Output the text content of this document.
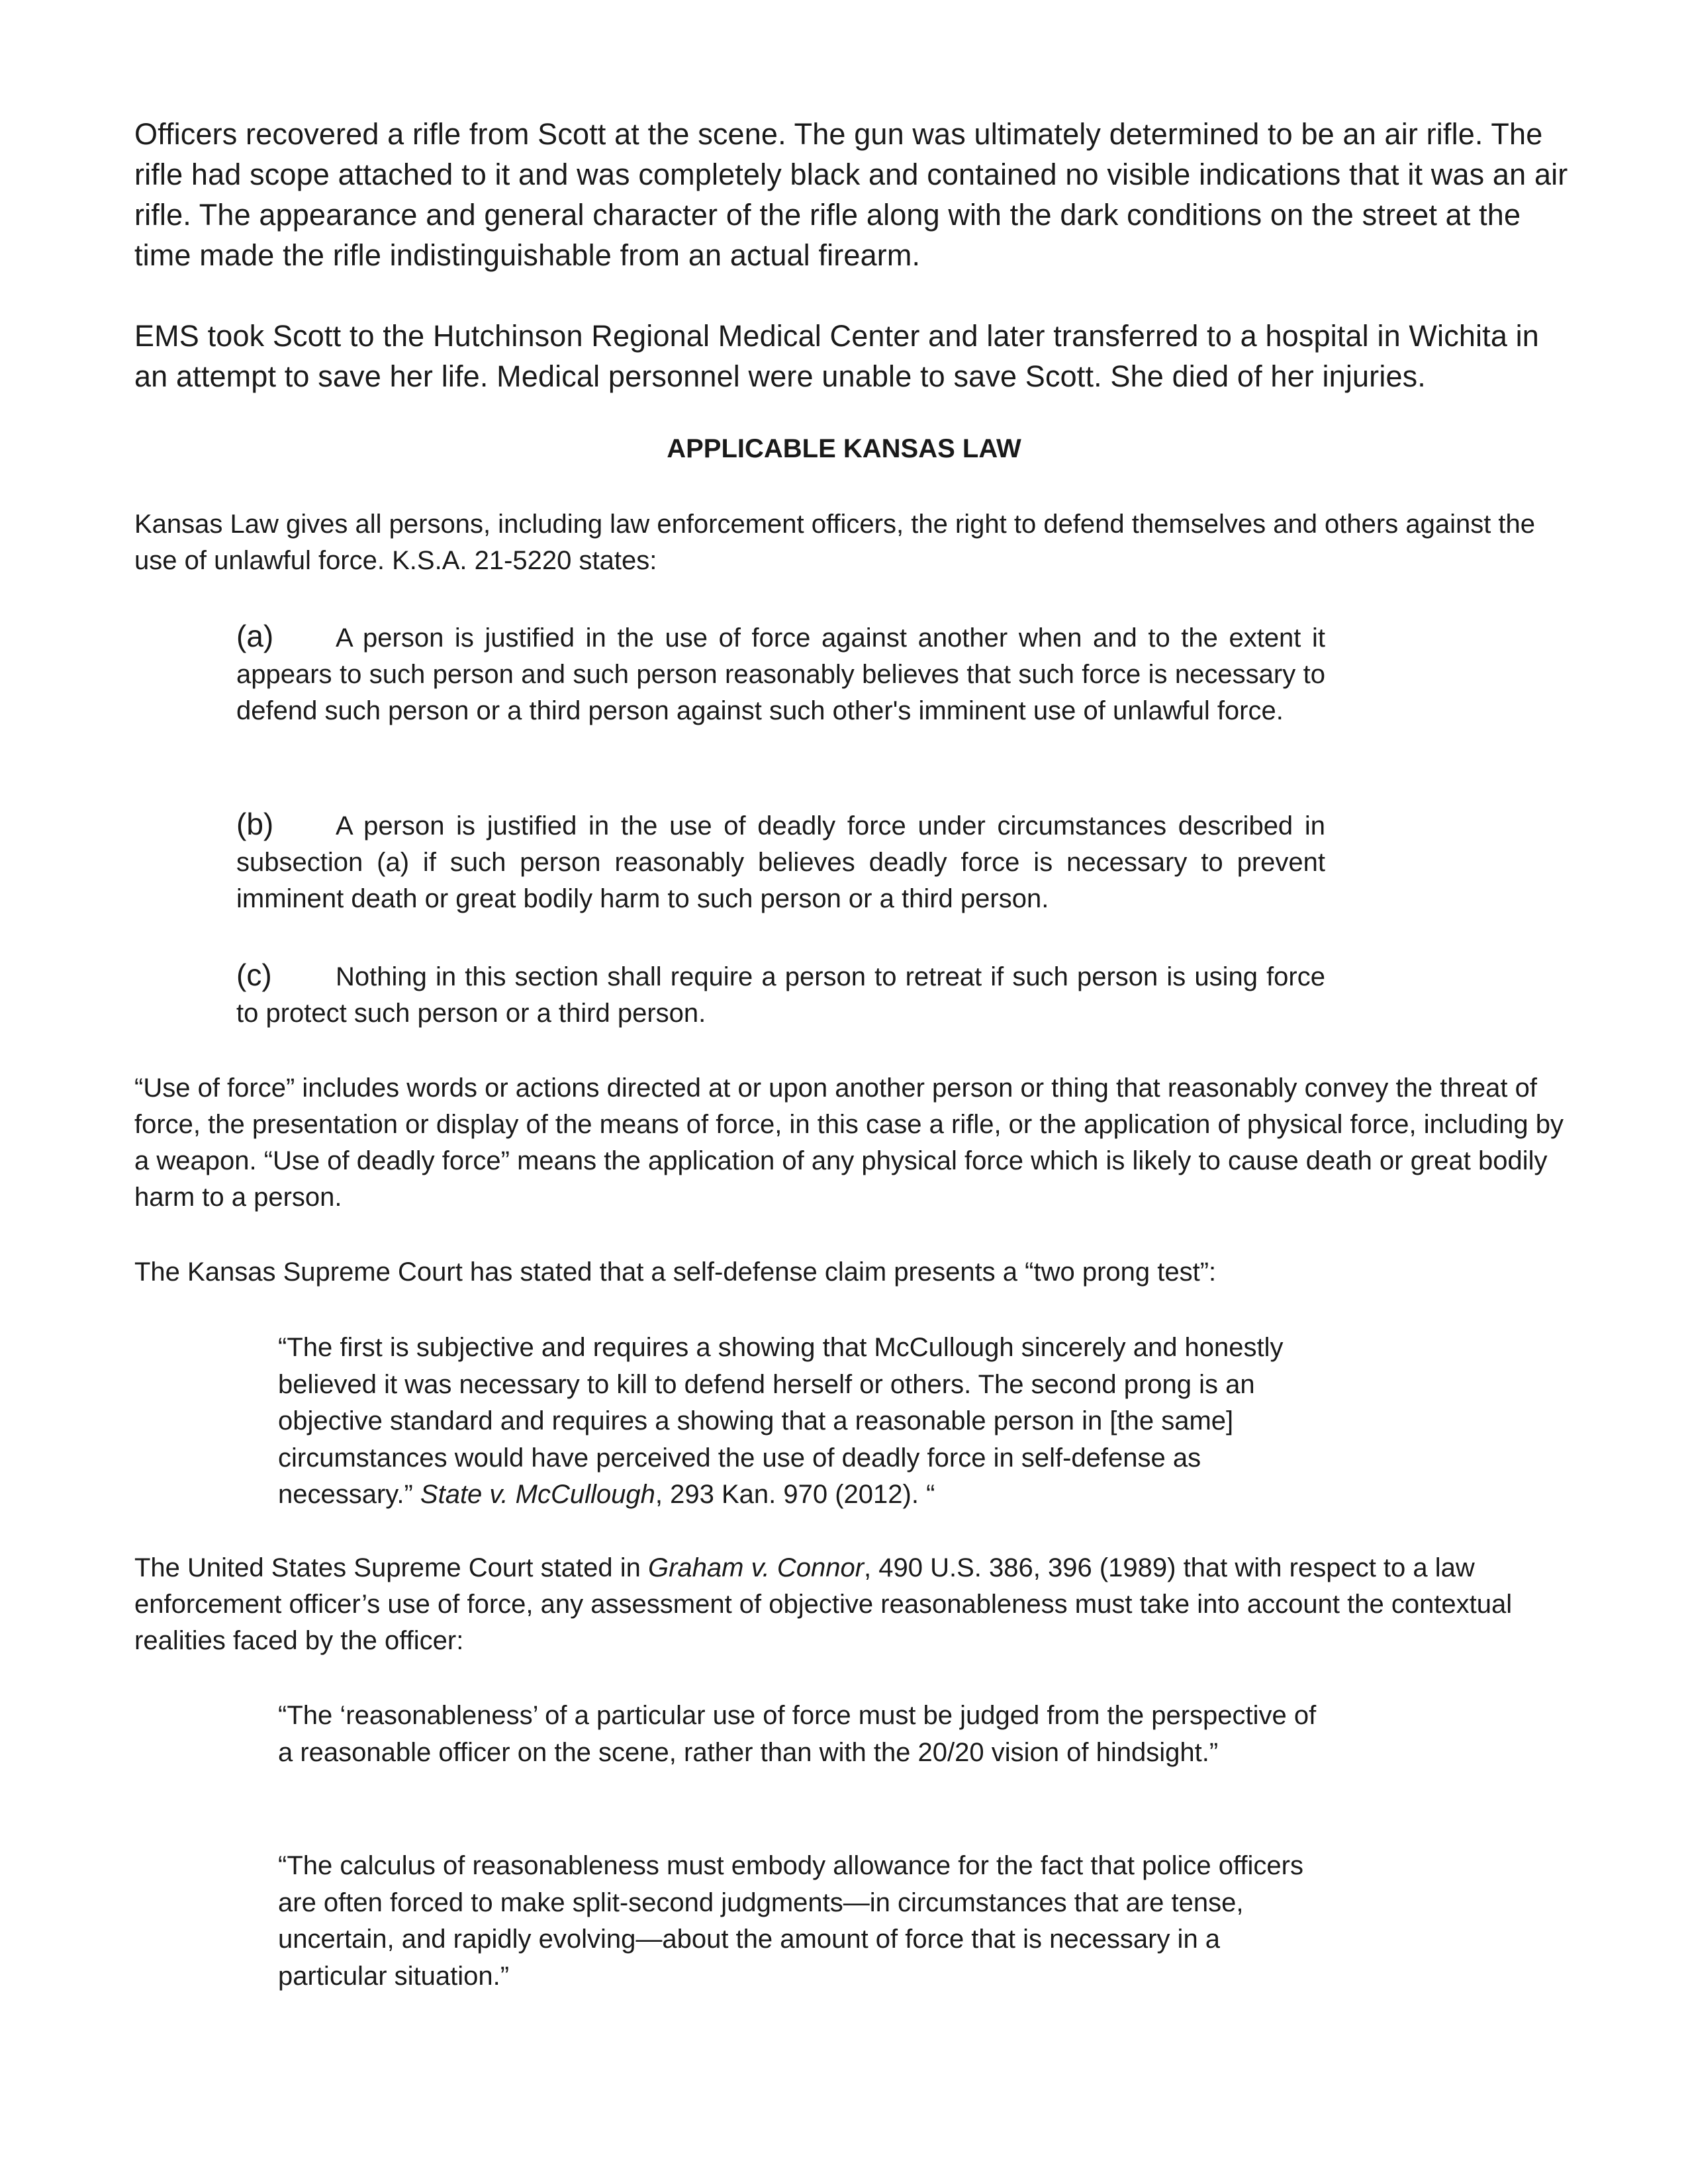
Officers recovered a rifle from Scott at the scene. The gun was ultimately determined to be an air rifle. The rifle had scope attached to it and was completely black and contained no visible indications that it was an air rifle. The appearance and general character of the rifle along with the dark conditions on the street at the time made the rifle indistinguishable from an actual firearm.

EMS took Scott to the Hutchinson Regional Medical Center and later transferred to a hospital in Wichita in an attempt to save her life. Medical personnel were unable to save Scott. She died of her injuries.

APPLICABLE KANSAS LAW

Kansas Law gives all persons, including law enforcement officers, the right to defend themselves and others against the use of unlawful force. K.S.A. 21-5220 states:

(a) A person is justified in the use of force against another when and to the extent it appears to such person and such person reasonably believes that such force is necessary to defend such person or a third person against such other's imminent use of unlawful force.

(b) A person is justified in the use of deadly force under circumstances described in subsection (a) if such person reasonably believes deadly force is necessary to prevent imminent death or great bodily harm to such person or a third person.

(c) Nothing in this section shall require a person to retreat if such person is using force to protect such person or a third person.

“Use of force” includes words or actions directed at or upon another person or thing that reasonably convey the threat of force, the presentation or display of the means of force, in this case a rifle, or the application of physical force, including by a weapon. “Use of deadly force” means the application of any physical force which is likely to cause death or great bodily harm to a person.

The Kansas Supreme Court has stated that a self-defense claim presents a “two prong test”:

“The first is subjective and requires a showing that McCullough sincerely and honestly believed it was necessary to kill to defend herself or others. The second prong is an objective standard and requires a showing that a reasonable person in [the same] circumstances would have perceived the use of deadly force in self-defense as necessary.” State v. McCullough, 293 Kan. 970 (2012). “

The United States Supreme Court stated in Graham v. Connor, 490 U.S. 386, 396 (1989) that with respect to a law enforcement officer’s use of force, any assessment of objective reasonableness must take into account the contextual realities faced by the officer:

“The ‘reasonableness’ of a particular use of force must be judged from the perspective of a reasonable officer on the scene, rather than with the 20/20 vision of hindsight.”

“The calculus of reasonableness must embody allowance for the fact that police officers are often forced to make split-second judgments—in circumstances that are tense, uncertain, and rapidly evolving—about the amount of force that is necessary in a particular situation.”
